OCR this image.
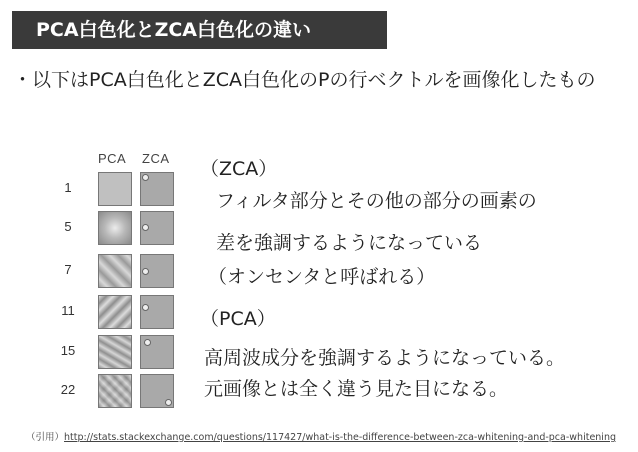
PCA白色化とZCA白色化の違い
・以下はPCA白色化とZCA白色化のPの行ベクトルを画像化したもの
PCA ZCA
1
5
7
11
15
22
（ZCA）
フィルタ部分とその他の部分の画素の
差を強調するようになっている
（オンセンタと呼ばれる）
（PCA）
高周波成分を強調するようになっている。
元画像とは全く違う見た目になる。
（引用）http://stats.stackexchange.com/questions/117427/what-is-the-difference-between-zca-whitening-and-pca-whitening
